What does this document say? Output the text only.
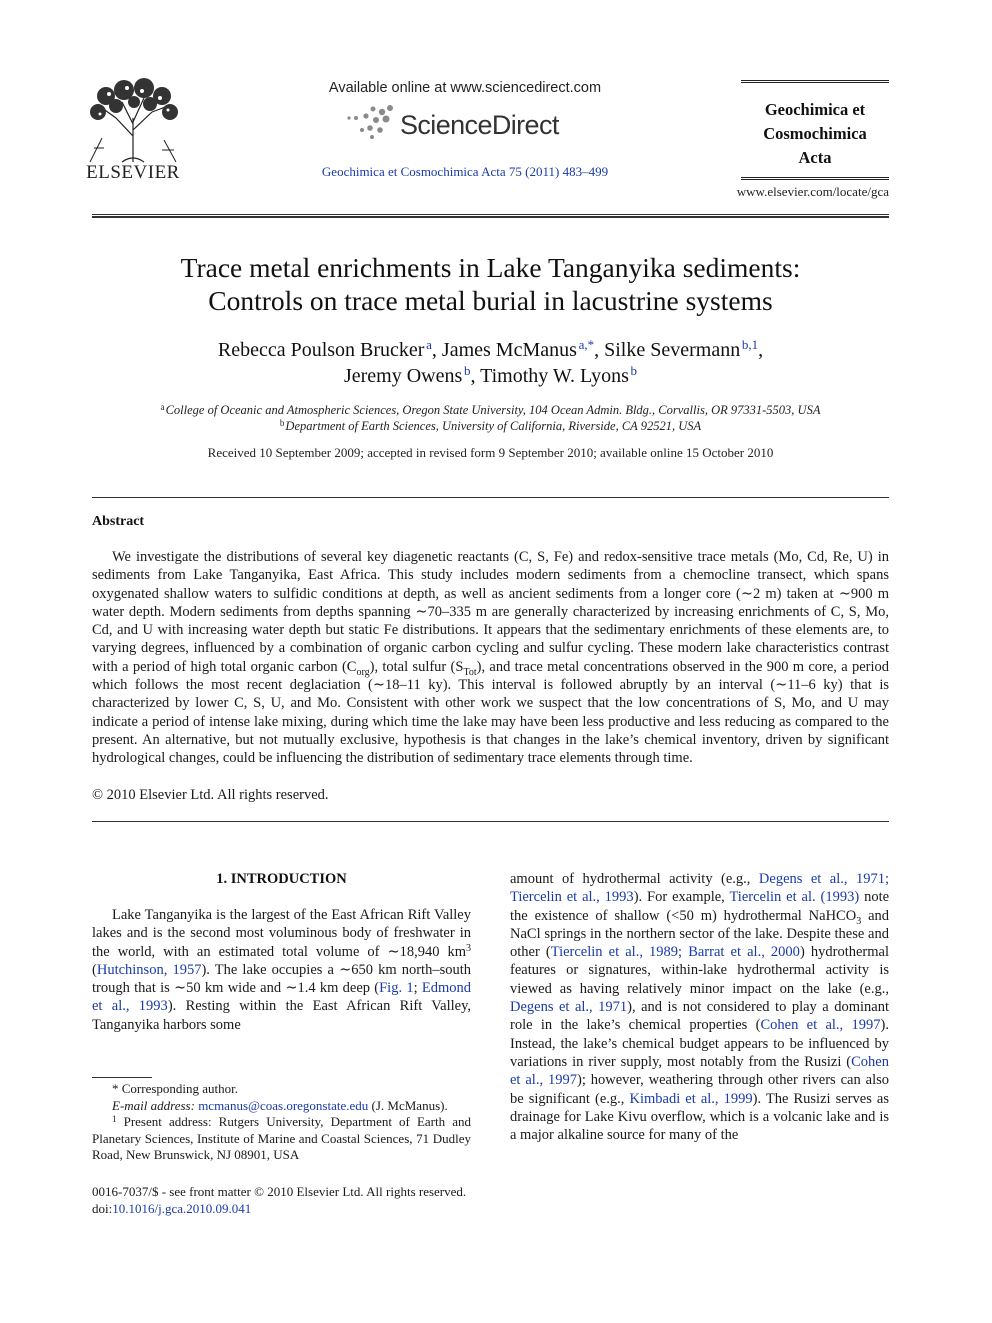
ELSEVIER
Available online at www.sciencedirect.com
ScienceDirect
Geochimica et Cosmochimica Acta 75 (2011) 483–499
Geochimica et
Cosmochimica
Acta
www.elsevier.com/locate/gca
Trace metal enrichments in Lake Tanganyika sediments:
Controls on trace metal burial in lacustrine systems
Rebecca Poulson Brucker  $^a$, James McManus  $^{a,*}$, Silke Severmann  $^{b,1}$,
Jeremy Owens  $^b$, Timothy W. Lyons  $^b$
$^a$ College of Oceanic and Atmospheric Sciences, Oregon State University, 104 Ocean Admin. Bldg., Corvallis, OR 97331-5503, USA
$^b$ Department of Earth Sciences, University of California, Riverside, CA 92521, USA
Received 10 September 2009; accepted in revised form 9 September 2010; available online 15 October 2010
Abstract

We investigate the distributions of several key diagenetic reactants (C, S, Fe) and redox-sensitive trace metals (Mo, Cd, Re, U) in sediments from Lake Tanganyika, East Africa. This study includes modern sediments from a chemocline transect, which spans oxygenated shallow waters to sulfidic conditions at depth, as well as ancient sediments from a longer core (∼2 m) taken at ∼900 m water depth. Modern sediments from depths spanning ∼70–335 m are generally characterized by increasing enrichments of C, S, Mo, Cd, and U with increasing water depth but static Fe distributions. It appears that the sedimentary enrichments of these elements are, to varying degrees, influenced by a combination of organic carbon cycling and sulfur cycling. These modern lake characteristics contrast with a period of high total organic carbon $(C_{org})$, total sulfur $(S_{Tot})$, and trace metal concentrations observed in the 900 m core, a period which follows the most recent deglaciation (∼18–11 ky). This interval is followed abruptly by an interval (∼11–6 ky) that is characterized by lower C, S, U, and Mo. Consistent with other work we suspect that the low concentrations of S, Mo, and U may indicate a period of intense lake mixing, during which time the lake may have been less productive and less reducing as compared to the present. An alternative, but not mutually exclusive, hypothesis is that changes in the lake’s chemical inventory, driven by significant hydrological changes, could be influencing the distribution of sedimentary trace elements through time.

© 2010 Elsevier Ltd. All rights reserved.
1. INTRODUCTION

Lake Tanganyika is the largest of the East African Rift Valley lakes and is the second most voluminous body of freshwater in the world, with an estimated total volume of ∼18,940 $km^3$ (Hutchinson, 1957). The lake occupies a ∼650 km north–south trough that is ∼50 km wide and ∼1.4 km deep (Fig. 1; Edmond et al., 1993). Resting within the East African Rift Valley, Tanganyika harbors some

amount of hydrothermal activity (e.g., Degens et al., 1971; Tiercelin et al., 1993). For example, Tiercelin et al. (1993) note the existence of shallow (<50 m) hydrothermal NaHCO$_3$ and NaCl springs in the northern sector of the lake. Despite these and other (Tiercelin et al., 1989; Barrat et al., 2000) hydrothermal features or signatures, within-lake hydrothermal activity is viewed as having relatively minor impact on the lake (e.g., Degens et al., 1971), and is not considered to play a dominant role in the lake’s chemical properties (Cohen et al., 1997). Instead, the lake’s chemical budget appears to be influenced by variations in river supply, most notably from the Rusizi (Cohen et al., 1997); however, weathering through other rivers can also be significant (e.g., Kimbadi et al., 1999). The Rusizi serves as drainage for Lake Kivu overflow, which is a volcanic lake and is a major alkaline source for many of the

* Corresponding author.

E-mail address: mcmanus@coas.oregonstate.edu (J. McManus).

$^1$ Present address: Rutgers University, Department of Earth and Planetary Sciences, Institute of Marine and Coastal Sciences, 71 Dudley Road, New Brunswick, NJ 08901, USA

0016-7037/$ - see front matter © 2010 Elsevier Ltd. All rights reserved.
doi:10.1016/j.gca.2010.09.041
